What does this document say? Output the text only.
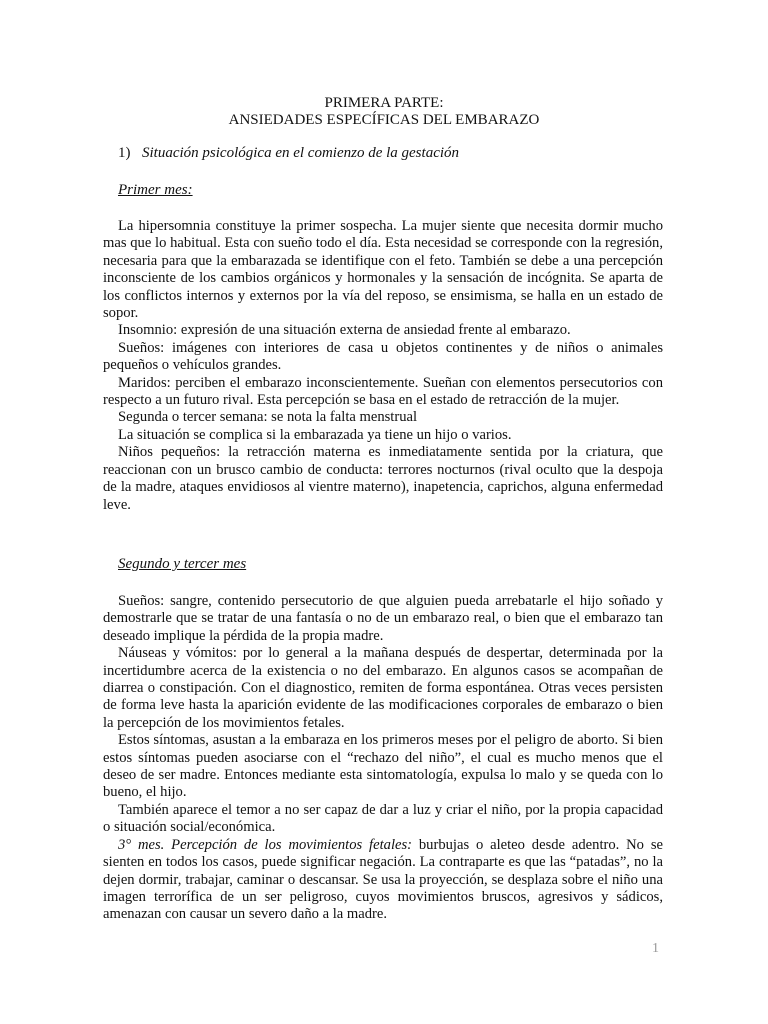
PRIMERA PARTE:
ANSIEDADES ESPECÍFICAS DEL EMBARAZO
1) Situación psicológica en el comienzo de la gestación
Primer mes:

La hipersomnia constituye la primer sospecha. La mujer siente que necesita dormir mucho mas que lo habitual. Esta con sueño todo el día. Esta necesidad se corresponde con la regresión, necesaria para que la embarazada se identifique con el feto. También se debe a una percepción inconsciente de los cambios orgánicos y hormonales y la sensación de incógnita. Se aparta de los conflictos internos y externos por la vía del reposo, se ensimisma, se halla en un estado de sopor.

Insomnio: expresión de una situación externa de ansiedad frente al embarazo.

Sueños: imágenes con interiores de casa u objetos continentes y de niños o animales pequeños o vehículos grandes.

Maridos: perciben el embarazo inconscientemente. Sueñan con elementos persecutorios con respecto a un futuro rival. Esta percepción se basa en el estado de retracción de la mujer.

Segunda o tercer semana: se nota la falta menstrual

La situación se complica si la embarazada ya tiene un hijo o varios.

Niños pequeños: la retracción materna es inmediatamente sentida por la criatura, que reaccionan con un brusco cambio de conducta: terrores nocturnos (rival oculto que la despoja de la madre, ataques envidiosos al vientre materno), inapetencia, caprichos, alguna enfermedad leve.

Segundo y tercer mes

Sueños: sangre, contenido persecutorio de que alguien pueda arrebatarle el hijo soñado y demostrarle que se tratar de una fantasía o no de un embarazo real, o bien que el embarazo tan deseado implique la pérdida de la propia madre.

Náuseas y vómitos: por lo general a la mañana después de despertar, determinada por la incertidumbre acerca de la existencia o no del embarazo. En algunos casos se acompañan de diarrea o constipación. Con el diagnostico, remiten de forma espontánea. Otras veces persisten de forma leve hasta la aparición evidente de las modificaciones corporales de embarazo o bien la percepción de los movimientos fetales.

Estos síntomas, asustan a la embaraza en los primeros meses por el peligro de aborto. Si bien estos síntomas pueden asociarse con el “rechazo del niño”, el cual es mucho menos que el deseo de ser madre. Entonces mediante esta sintomatología, expulsa lo malo y se queda con lo bueno, el hijo.

También aparece el temor a no ser capaz de dar a luz y criar el niño, por la propia capacidad o situación social/económica.

3° mes. Percepción de los movimientos fetales: burbujas o aleteo desde adentro. No se sienten en todos los casos, puede significar negación. La contraparte es que las “patadas”, no la dejen dormir, trabajar, caminar o descansar. Se usa la proyección, se desplaza sobre el niño una imagen terrorífica de un ser peligroso, cuyos movimientos bruscos, agresivos y sádicos, amenazan con causar un severo daño a la madre.

1
